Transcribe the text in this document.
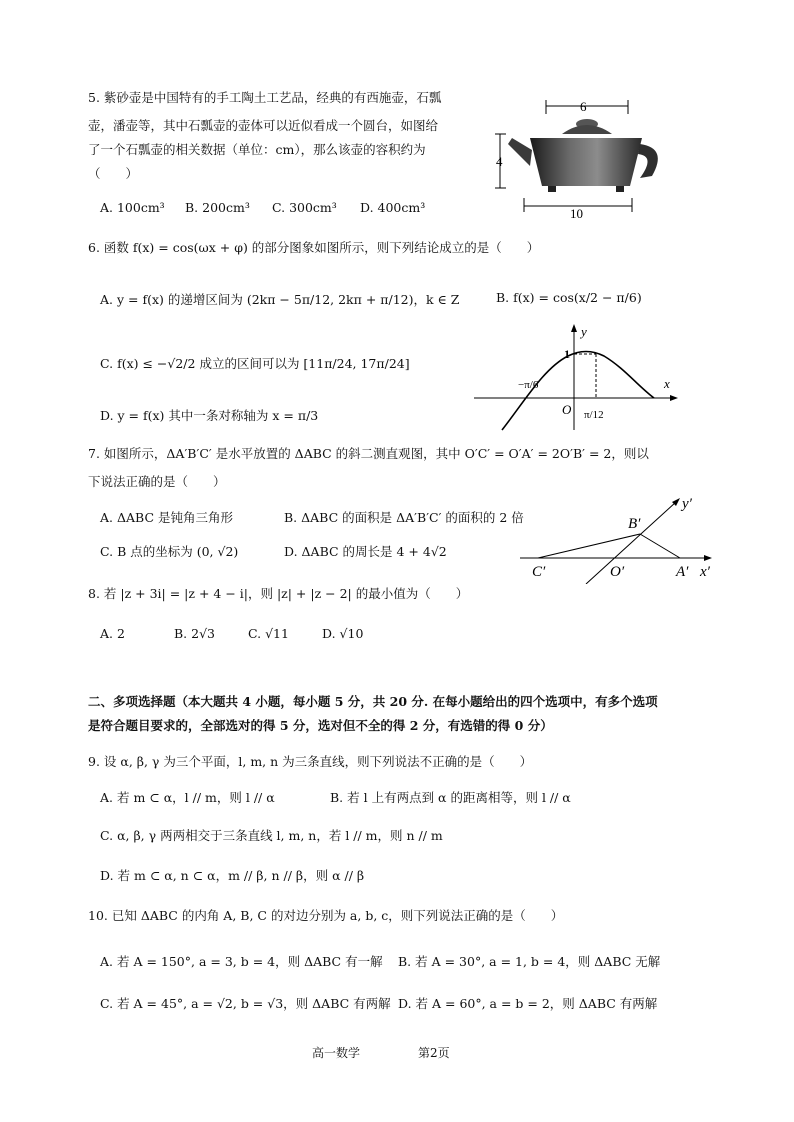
5. 紫砂壶是中国特有的手工陶土工艺品，经典的有西施壶，石瓢
壶，潘壶等，其中石瓢壶的壶体可以近似看成一个圆台，如图给
了一个石瓢壶的相关数据（单位：cm），那么该壶的容积约为
（　　）
A. 100cm³ B. 200cm³ C. 300cm³ D. 400cm³
6
4
10
6. 函数 f(x) = cos(ωx + φ) 的部分图象如图所示，则下列结论成立的是（　　）
A. y = f(x) 的递增区间为 (2kπ − 5π/12, 2kπ + π/12)，k ∈ Z	B. f(x) = cos(x/2 − π/6)
C. f(x) ≤ −√2/2 成立的区间可以为 [11π/24, 17π/24]
D. y = f(x) 其中一条对称轴为 x = π/3
y
x
1
O
−π/6
π/12
7. 如图所示，ΔA′B′C′ 是水平放置的 ΔABC 的斜二测直观图，其中 O′C′ = O′A′ = 2O′B′ = 2，则以
下说法正确的是（　　）
A. ΔABC 是钝角三角形	B. ΔABC 的面积是 ΔA′B′C′ 的面积的 2 倍
C. B 点的坐标为 (0, √2)	D. ΔABC 的周长是 4 + 4√2
y′
B′
C′	O′	A′ x′
8. 若 |z + 3i| = |z + 4 − i|，则 |z| + |z − 2| 的最小值为（　　）
A. 2	B. 2√3	C. √11	D. √10
二、多项选择题（本大题共 4 小题，每小题 5 分，共 20 分. 在每小题给出的四个选项中，有多个选项
是符合题目要求的，全部选对的得 5 分，选对但不全的得 2 分，有选错的得 0 分）
9. 设 α, β, γ 为三个平面，l, m, n 为三条直线，则下列说法不正确的是（　　）
A. 若 m ⊂ α，l // m，则 l // α	B. 若 l 上有两点到 α 的距离相等，则 l // α
C. α, β, γ 两两相交于三条直线 l, m, n，若 l // m，则 n // m
D. 若 m ⊂ α, n ⊂ α，m // β, n // β，则 α // β
10. 已知 ΔABC 的内角 A, B, C 的对边分别为 a, b, c，则下列说法正确的是（　　）
A. 若 A = 150°, a = 3, b = 4，则 ΔABC 有一解 B. 若 A = 30°, a = 1, b = 4，则 ΔABC 无解
C. 若 A = 45°, a = √2, b = √3，则 ΔABC 有两解 D. 若 A = 60°, a = b = 2，则 ΔABC 有两解
高一数学	第2页
